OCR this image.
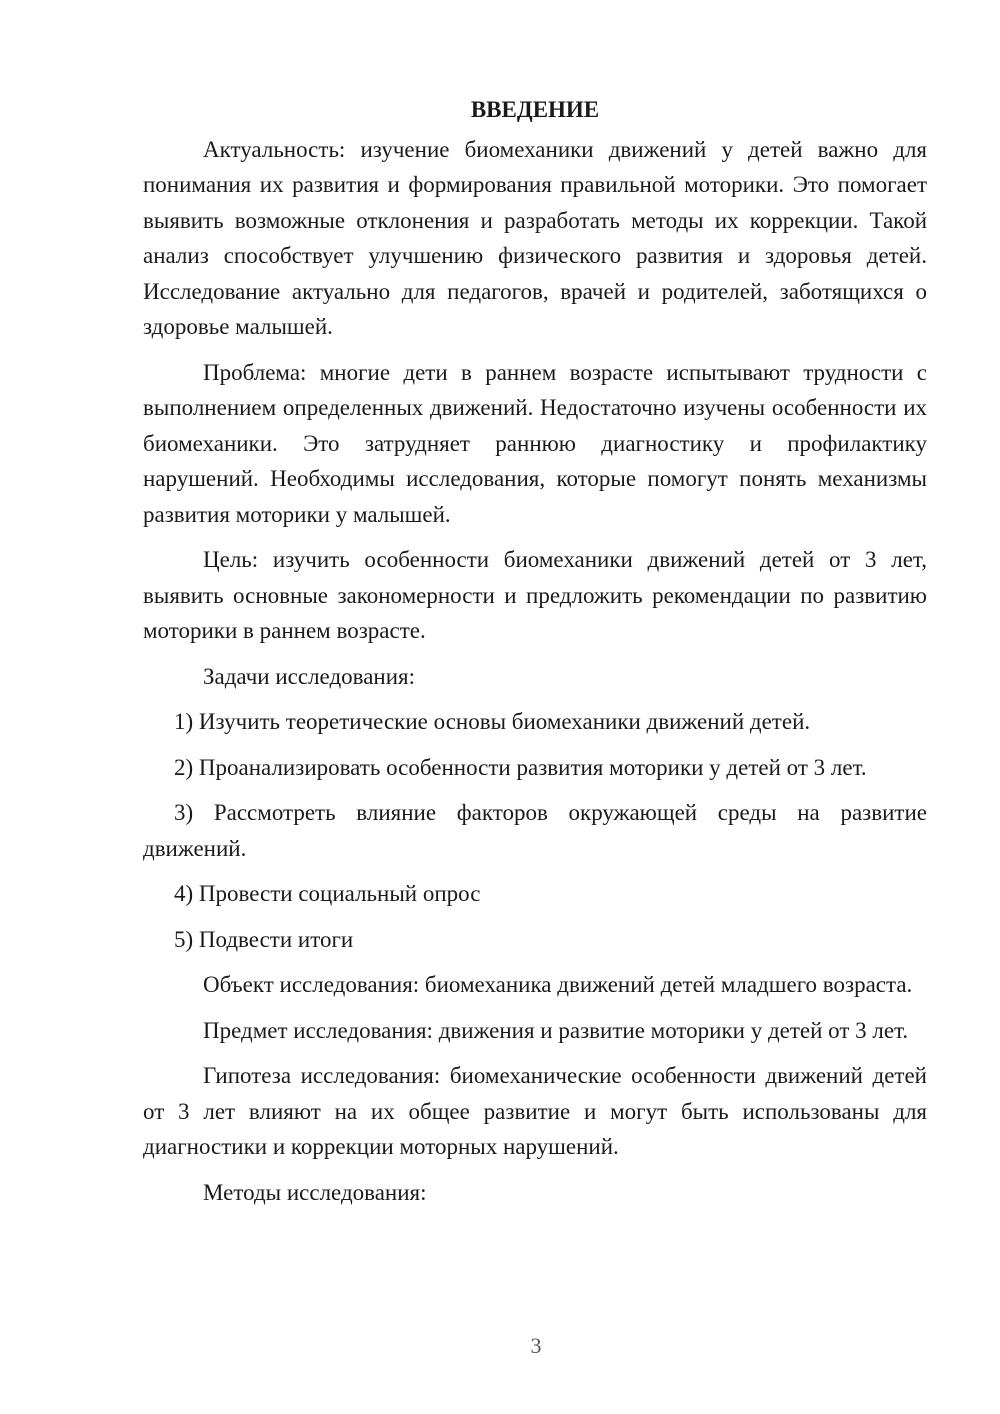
ВВЕДЕНИЕ

Актуальность: изучение биомеханики движений у детей важно для понимания их развития и формирования правильной моторики. Это помогает выявить возможные отклонения и разработать методы их коррекции. Такой анализ способствует улучшению физического развития и здоровья детей. Исследование актуально для педагогов, врачей и родителей, заботящихся о здоровье малышей.

Проблема: многие дети в раннем возрасте испытывают трудности с выполнением определенных движений. Недостаточно изучены особенности их биомеханики. Это затрудняет раннюю диагностику и профилактику нарушений. Необходимы исследования, которые помогут понять механизмы развития моторики у малышей.

Цель: изучить особенности биомеханики движений детей от 3 лет, выявить основные закономерности и предложить рекомендации по развитию моторики в раннем возрасте.

Задачи исследования:

1) Изучить теоретические основы биомеханики движений детей.

2) Проанализировать особенности развития моторики у детей от 3 лет.

3) Рассмотреть влияние факторов окружающей среды на развитие движений.

4) Провести социальный опрос

5) Подвести итоги

Объект исследования: биомеханика движений детей младшего возраста.

Предмет исследования: движения и развитие моторики у детей от 3 лет.

Гипотеза исследования: биомеханические особенности движений детей от 3 лет влияют на их общее развитие и могут быть использованы для диагностики и коррекции моторных нарушений.

Методы исследования:

3
